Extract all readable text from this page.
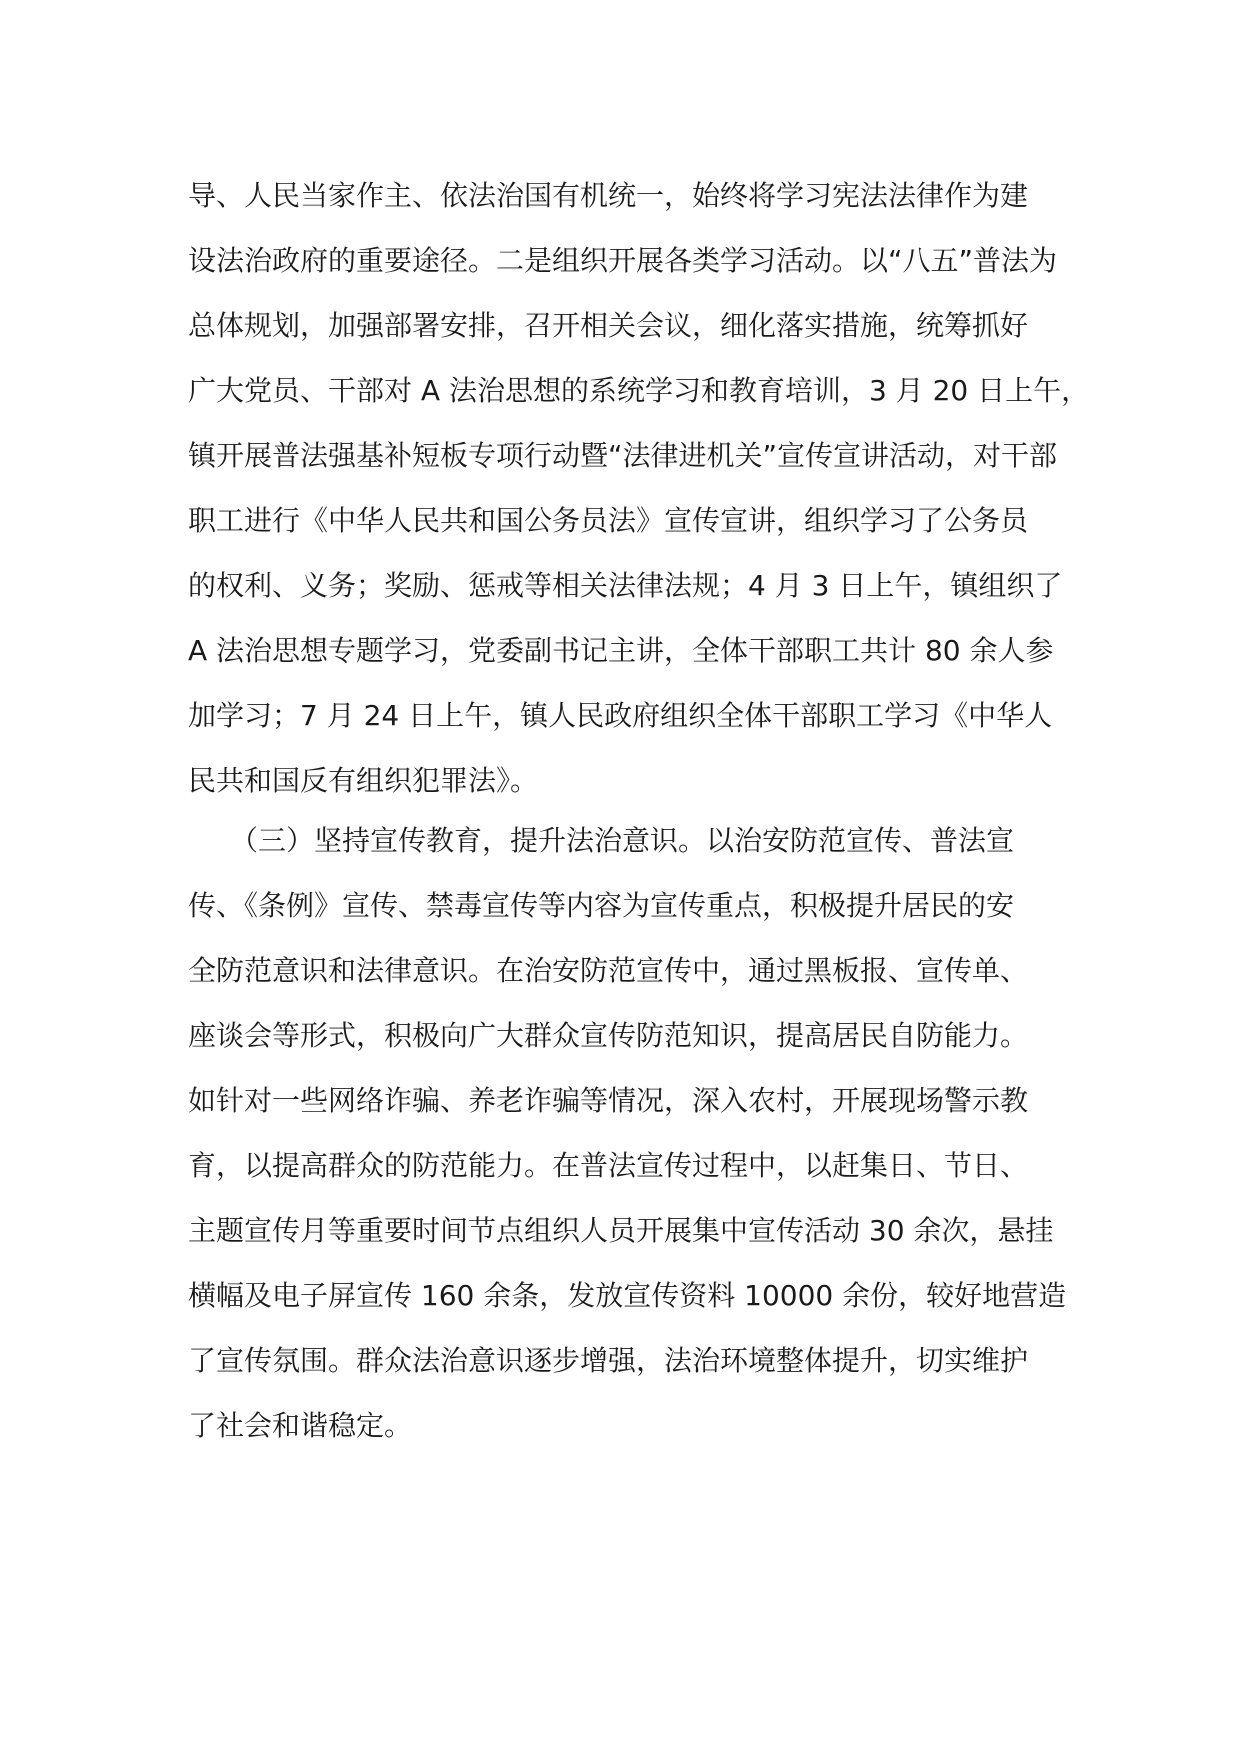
导、人民当家作主、依法治国有机统一，始终将学习宪法法律作为建
设法治政府的重要途径。二是组织开展各类学习活动。以“八五”普法为
总体规划，加强部署安排，召开相关会议，细化落实措施，统筹抓好
广大党员、干部对 A 法治思想的系统学习和教育培训，3 月 20 日上午，
镇开展普法强基补短板专项行动暨“法律进机关”宣传宣讲活动，对干部
职工进行《中华人民共和国公务员法》宣传宣讲，组织学习了公务员
的权利、义务；奖励、惩戒等相关法律法规；4 月 3 日上午，镇组织了
A 法治思想专题学习，党委副书记主讲，全体干部职工共计 80 余人参
加学习；7 月 24 日上午，镇人民政府组织全体干部职工学习《中华人
民共和国反有组织犯罪法》。
　　（三）坚持宣传教育，提升法治意识。以治安防范宣传、普法宣
传、《条例》宣传、禁毒宣传等内容为宣传重点，积极提升居民的安
全防范意识和法律意识。在治安防范宣传中，通过黑板报、宣传单、
座谈会等形式，积极向广大群众宣传防范知识，提高居民自防能力。
如针对一些网络诈骗、养老诈骗等情况，深入农村，开展现场警示教
育，以提高群众的防范能力。在普法宣传过程中，以赶集日、节日、
主题宣传月等重要时间节点组织人员开展集中宣传活动 30 余次，悬挂
横幅及电子屏宣传 160 余条，发放宣传资料 10000 余份，较好地营造
了宣传氛围。群众法治意识逐步增强，法治环境整体提升，切实维护
了社会和谐稳定。
